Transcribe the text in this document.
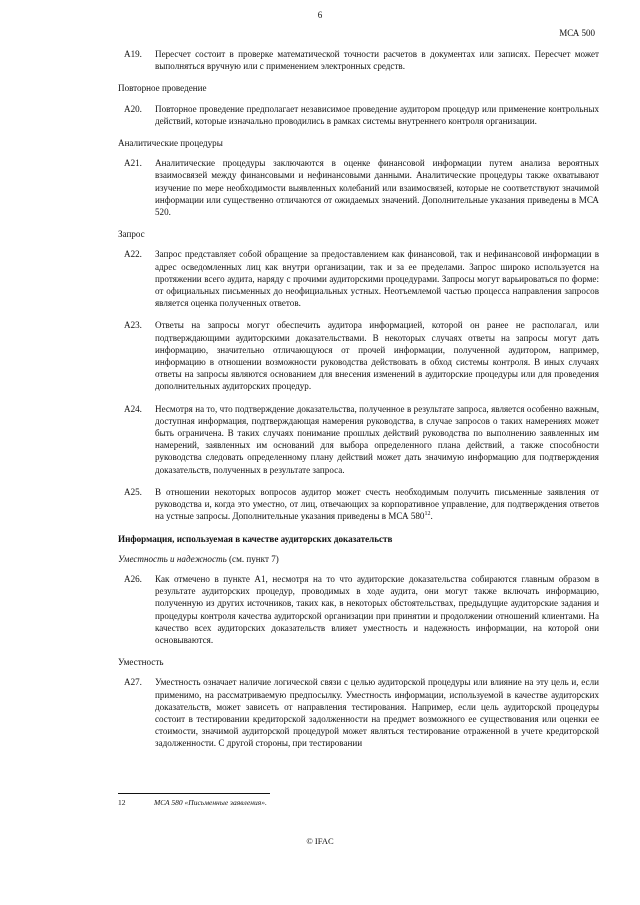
6
МСА 500
A19. Пересчет состоит в проверке математической точности расчетов в документах или записях. Пересчет может выполняться вручную или с применением электронных средств.
Повторное проведение
A20. Повторное проведение предполагает независимое проведение аудитором процедур или применение контрольных действий, которые изначально проводились в рамках системы внутреннего контроля организации.
Аналитические процедуры
A21. Аналитические процедуры заключаются в оценке финансовой информации путем анализа вероятных взаимосвязей между финансовыми и нефинансовыми данными. Аналитические процедуры также охватывают изучение по мере необходимости выявленных колебаний или взаимосвязей, которые не соответствуют значимой информации или существенно отличаются от ожидаемых значений. Дополнительные указания приведены в МСА 520.
Запрос
A22. Запрос представляет собой обращение за предоставлением как финансовой, так и нефинансовой информации в адрес осведомленных лиц как внутри организации, так и за ее пределами. Запрос широко используется на протяжении всего аудита, наряду с прочими аудиторскими процедурами. Запросы могут варьироваться по форме: от официальных письменных до неофициальных устных. Неотъемлемой частью процесса направления запросов является оценка полученных ответов.
A23. Ответы на запросы могут обеспечить аудитора информацией, которой он ранее не располагал, или подтверждающими аудиторскими доказательствами. В некоторых случаях ответы на запросы могут дать информацию, значительно отличающуюся от прочей информации, полученной аудитором, например, информацию в отношении возможности руководства действовать в обход системы контроля. В иных случаях ответы на запросы являются основанием для внесения изменений в аудиторские процедуры или для проведения дополнительных аудиторских процедур.
A24. Несмотря на то, что подтверждение доказательства, полученное в результате запроса, является особенно важным, доступная информация, подтверждающая намерения руководства, в случае запросов о таких намерениях может быть ограничена. В таких случаях понимание прошлых действий руководства по выполнению заявленных им намерений, заявленных им оснований для выбора определенного плана действий, а также способности руководства следовать определенному плану действий может дать значимую информацию для подтверждения доказательств, полученных в результате запроса.
A25. В отношении некоторых вопросов аудитор может счесть необходимым получить письменные заявления от руководства и, когда это уместно, от лиц, отвечающих за корпоративное управление, для подтверждения ответов на устные запросы. Дополнительные указания приведены в МСА $580^{12}$.
Информация, используемая в качестве аудиторских доказательств
Уместность и надежность (см. пункт 7)
A26. Как отмечено в пункте A1, несмотря на то что аудиторские доказательства собираются главным образом в результате аудиторских процедур, проводимых в ходе аудита, они могут также включать информацию, полученную из других источников, таких как, в некоторых обстоятельствах, предыдущие аудиторские задания и процедуры контроля качества аудиторской организации при принятии и продолжении отношений клиентами. На качество всех аудиторских доказательств влияет уместность и надежность информации, на которой они основываются.
Уместность
A27. Уместность означает наличие логической связи с целью аудиторской процедуры или влияние на эту цель и, если применимо, на рассматриваемую предпосылку. Уместность информации, используемой в качестве аудиторских доказательств, может зависеть от направления тестирования. Например, если цель аудиторской процедуры состоит в тестировании кредиторской задолженности на предмет возможного ее существования или оценки ее стоимости, значимой аудиторской процедурой может являться тестирование отраженной в учете кредиторской задолженности. С другой стороны, при тестировании
12	МСА 580 «Письменные заявления».
© IFAC
